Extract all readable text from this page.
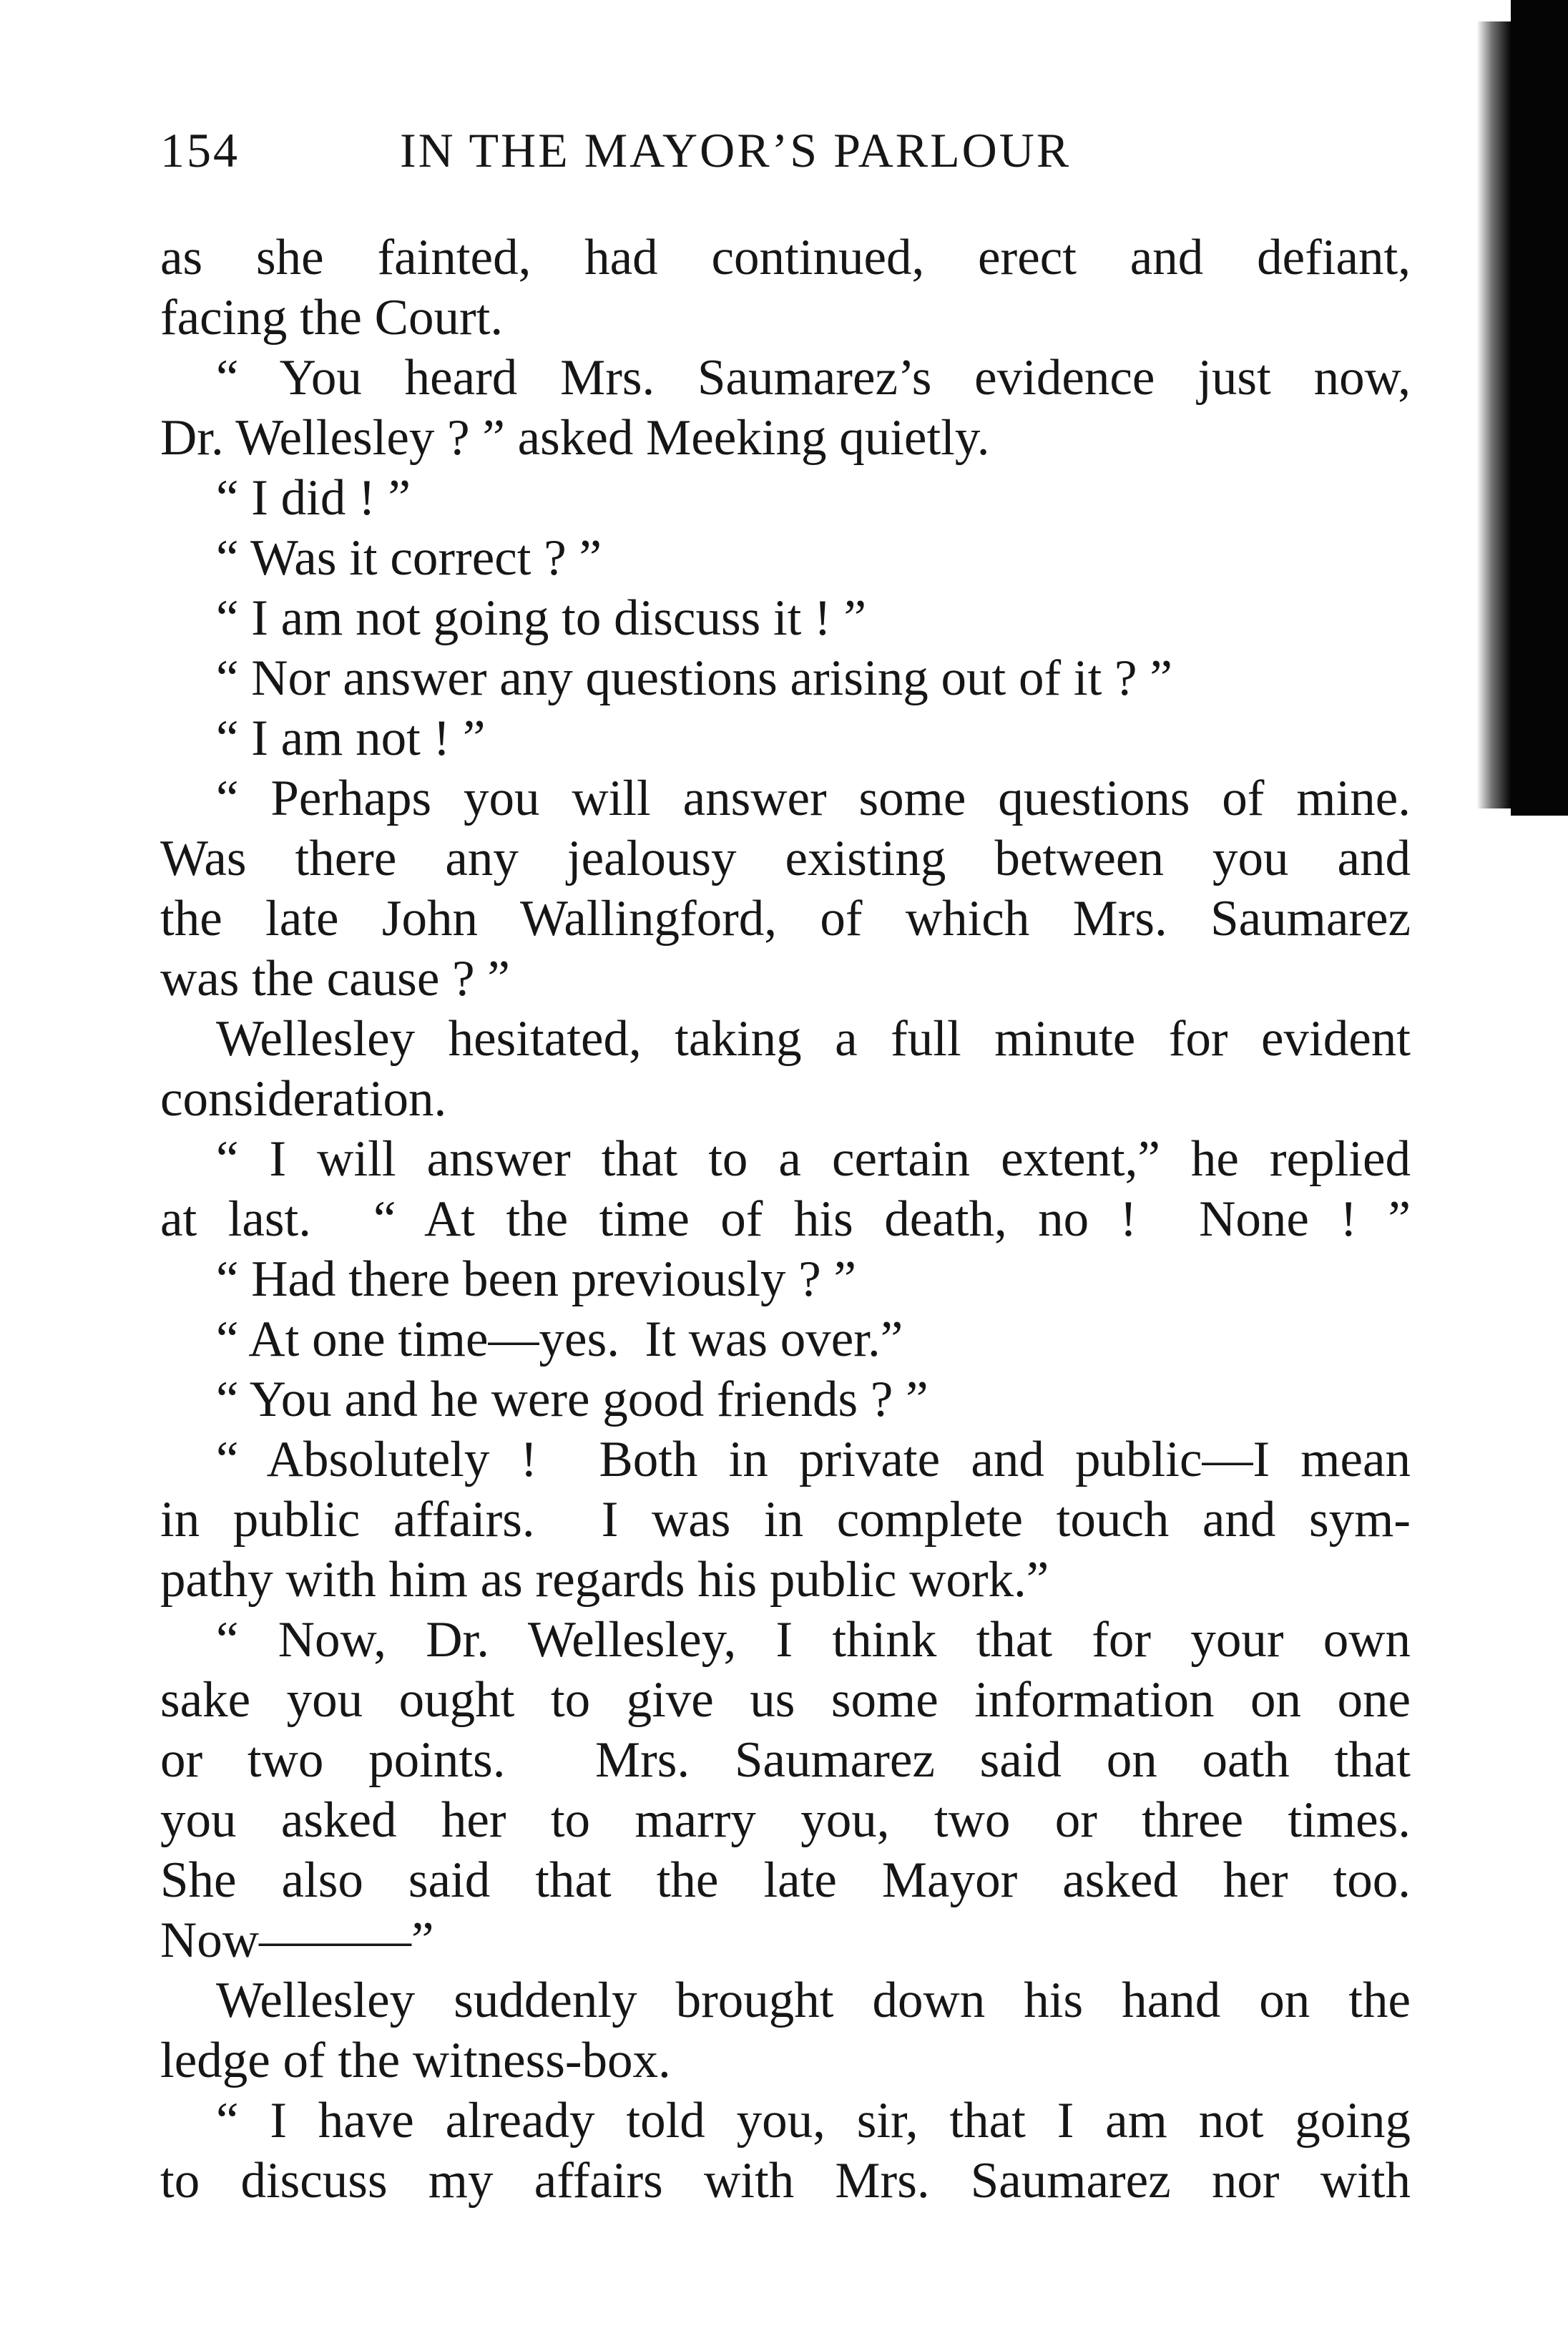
154	IN THE MAYOR’S PARLOUR
as she fainted, had continued, erect and defiant,
facing the Court.
“ You heard Mrs. Saumarez’s evidence just now,
Dr. Wellesley ? ” asked Meeking quietly.
“ I did ! ”
“ Was it correct ? ”
“ I am not going to discuss it ! ”
“ Nor answer any questions arising out of it ? ”
“ I am not ! ”
“ Perhaps you will answer some questions of mine.
Was there any jealousy existing between you and
the late John Wallingford, of which Mrs. Saumarez
was the cause ? ”
Wellesley hesitated, taking a full minute for evident
consideration.
“ I will answer that to a certain extent,” he replied
at last.  “ At the time of his death, no !  None ! ”
“ Had there been previously ? ”
“ At one time—yes.  It was over.”
“ You and he were good friends ? ”
“ Absolutely !  Both in private and public—I mean
in public affairs.  I was in complete touch and sym-
pathy with him as regards his public work.”
“ Now, Dr. Wellesley, I think that for your own
sake you ought to give us some information on one
or two points.  Mrs. Saumarez said on oath that
you asked her to marry you, two or three times.
She also said that the late Mayor asked her too.
Now———”
Wellesley suddenly brought down his hand on the
ledge of the witness-box.
“ I have already told you, sir, that I am not going
to discuss my affairs with Mrs. Saumarez nor with
